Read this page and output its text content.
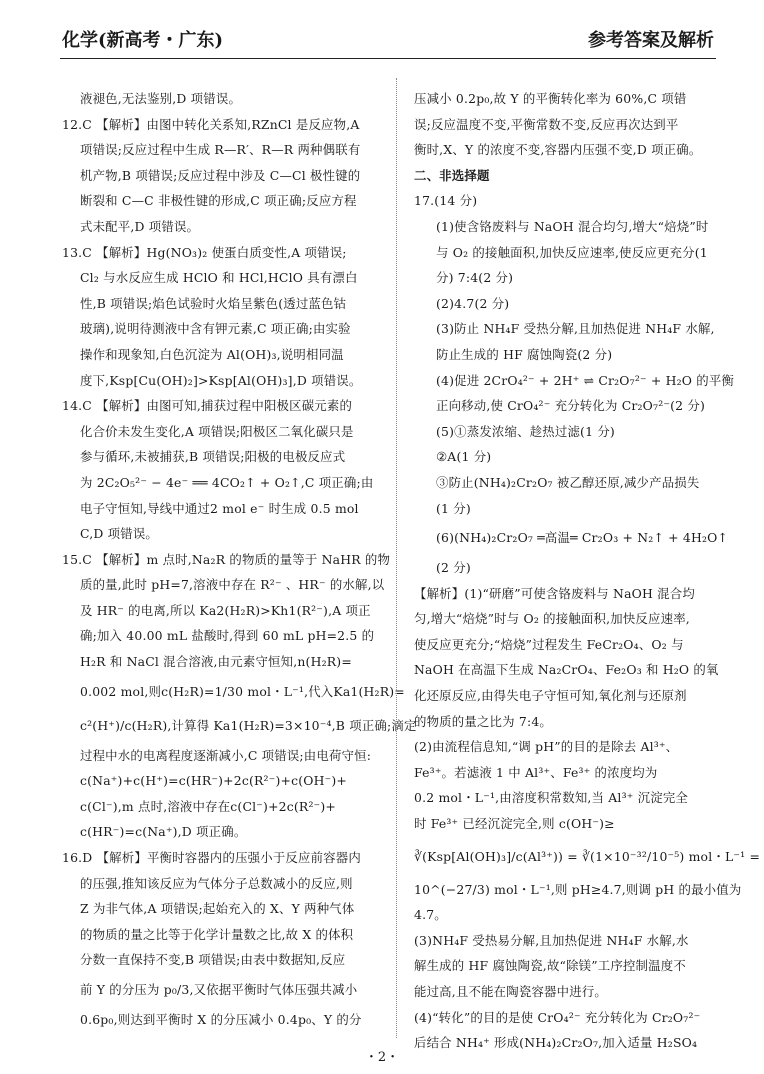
化学(新高考・广东)	参考答案及解析
液褪色,无法鉴别,D 项错误。
12.C 【解析】由图中转化关系知,RZnCl 是反应物,A
项错误;反应过程中生成 R—R′、R—R 两种偶联有
机产物,B 项错误;反应过程中涉及 C—Cl 极性键的
断裂和 C—C 非极性键的形成,C 项正确;反应方程
式未配平,D 项错误。
13.C 【解析】Hg(NO₃)₂ 使蛋白质变性,A 项错误;
Cl₂ 与水反应生成 HClO 和 HCl,HClO 具有漂白
性,B 项错误;焰色试验时火焰呈紫色(透过蓝色钴
玻璃),说明待测液中含有钾元素,C 项正确;由实验
操作和现象知,白色沉淀为 Al(OH)₃,说明相同温
度下,Ksp[Cu(OH)₂]>Ksp[Al(OH)₃],D 项错误。
14.C 【解析】由图可知,捕获过程中阳极区碳元素的
化合价未发生变化,A 项错误;阳极区二氧化碳只是
参与循环,未被捕获,B 项错误;阳极的电极反应式
为 2C₂O₅²⁻ − 4e⁻ ══ 4CO₂↑ + O₂↑,C 项正确;由
电子守恒知,导线中通过2 mol e⁻ 时生成 0.5 mol
C,D 项错误。
15.C 【解析】m 点时,Na₂R 的物质的量等于 NaHR 的物
质的量,此时 pH=7,溶液中存在 R²⁻ 、HR⁻ 的水解,以
及 HR⁻ 的电离,所以 Ka2(H₂R)>Kh1(R²⁻),A 项正
确;加入 40.00 mL 盐酸时,得到 60 mL pH=2.5 的
H₂R 和 NaCl 混合溶液,由元素守恒知,n(H₂R)=
0.002 mol,则c(H₂R)=1/30 mol・L⁻¹,代入Ka1(H₂R)=
c²(H⁺)/c(H₂R),计算得 Ka1(H₂R)=3×10⁻⁴,B 项正确;滴定
过程中水的电离程度逐渐减小,C 项错误;由电荷守恒:
c(Na⁺)+c(H⁺)=c(HR⁻)+2c(R²⁻)+c(OH⁻)+
c(Cl⁻),m 点时,溶液中存在c(Cl⁻)+2c(R²⁻)+
c(HR⁻)=c(Na⁺),D 项正确。
16.D 【解析】平衡时容器内的压强小于反应前容器内
的压强,推知该反应为气体分子总数减小的反应,则
Z 为非气体,A 项错误;起始充入的 X、Y 两种气体
的物质的量之比等于化学计量数之比,故 X 的体积
分数一直保持不变,B 项错误;由表中数据知,反应
前 Y 的分压为 p₀/3,又依据平衡时气体压强共减小
0.6p₀,则达到平衡时 X 的分压减小 0.4p₀、Y 的分
压减小 0.2p₀,故 Y 的平衡转化率为 60%,C 项错
误;反应温度不变,平衡常数不变,反应再次达到平
衡时,X、Y 的浓度不变,容器内压强不变,D 项正确。
二、非选择题
17.(14 分)
(1)使含铬废料与 NaOH 混合均匀,增大“焙烧”时
与 O₂ 的接触面积,加快反应速率,使反应更充分(1
分) 7:4(2 分)
(2)4.7(2 分)
(3)防止 NH₄F 受热分解,且加热促进 NH₄F 水解,
防止生成的 HF 腐蚀陶瓷(2 分)
(4)促进 2CrO₄²⁻ + 2H⁺ ⇌ Cr₂O₇²⁻ + H₂O 的平衡
正向移动,使 CrO₄²⁻ 充分转化为 Cr₂O₇²⁻(2 分)
(5)①蒸发浓缩、趁热过滤(1 分)
②A(1 分)
③防止(NH₄)₂Cr₂O₇ 被乙醇还原,减少产品损失
(1 分)
(6)(NH₄)₂Cr₂O₇ ═高温═ Cr₂O₃ + N₂↑ + 4H₂O↑
(2 分)
【解析】(1)“研磨”可使含铬废料与 NaOH 混合均
匀,增大“焙烧”时与 O₂ 的接触面积,加快反应速率,
使反应更充分;“焙烧”过程发生 FeCr₂O₄、O₂ 与
NaOH 在高温下生成 Na₂CrO₄、Fe₂O₃ 和 H₂O 的氧
化还原反应,由得失电子守恒可知,氧化剂与还原剂
的物质的量之比为 7:4。
(2)由流程信息知,“调 pH”的目的是除去 Al³⁺、
Fe³⁺。若滤液 1 中 Al³⁺、Fe³⁺ 的浓度均为
0.2 mol・L⁻¹,由溶度积常数知,当 Al³⁺ 沉淀完全
时 Fe³⁺ 已经沉淀完全,则 c(OH⁻)≥
∛(Ksp[Al(OH)₃]/c(Al³⁺)) = ∛(1×10⁻³²/10⁻⁵) mol・L⁻¹ =
10^(−27/3) mol・L⁻¹,则 pH≥4.7,则调 pH 的最小值为
4.7。
(3)NH₄F 受热易分解,且加热促进 NH₄F 水解,水
解生成的 HF 腐蚀陶瓷,故“除镁”工序控制温度不
能过高,且不能在陶瓷容器中进行。
(4)“转化”的目的是使 CrO₄²⁻ 充分转化为 Cr₂O₇²⁻
后结合 NH₄⁺ 形成(NH₄)₂Cr₂O₇,加入适量 H₂SO₄
・2・
